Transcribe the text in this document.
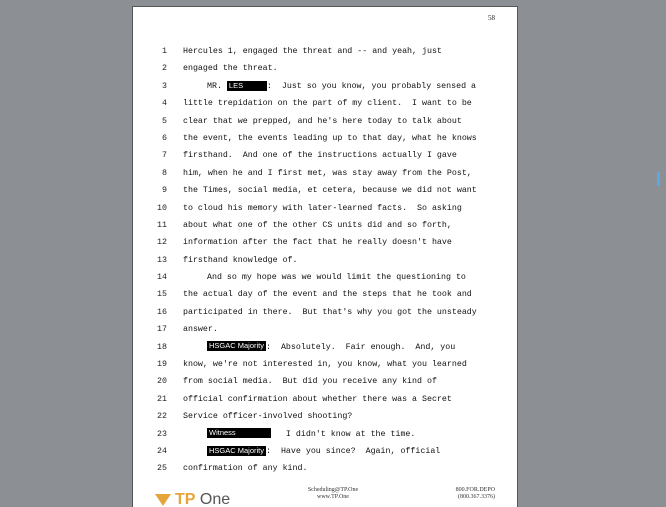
58
1 Hercules 1, engaged the threat and -- and yeah, just
2 engaged the threat.
3	MR. LES	:  Just so you know, you probably sensed a
4 little trepidation on the part of my client.  I want to be
5 clear that we prepped, and he's here today to talk about
6 the event, the events leading up to that day, what he knows
7 firsthand.  And one of the instructions actually I gave
8 him, when he and I first met, was stay away from the Post,
9 the Times, social media, et cetera, because we did not want
10 to cloud his memory with later-learned facts.  So asking
11 about what one of the other CS units did and so forth,
12 information after the fact that he really doesn't have
13 firsthand knowledge of.
14	And so my hope was we would limit the questioning to
15 the actual day of the event and the steps that he took and
16 participated in there.  But that's why you got the unsteady
17 answer.
18	HSGAC Majority :  Absolutely.  Fair enough.  And, you
19 know, we're not interested in, you know, what you learned
20 from social media.  But did you receive any kind of
21 official confirmation about whether there was a Secret
22 Service officer-involved shooting?
23	Witness	I didn't know at the time.
24	HSGAC Majority :  Have you since?  Again, official
25 confirmation of any kind.
TP One
Scheduling@TP.One
www.TP.One
800.FOR.DEPO
(800.367.3376)
